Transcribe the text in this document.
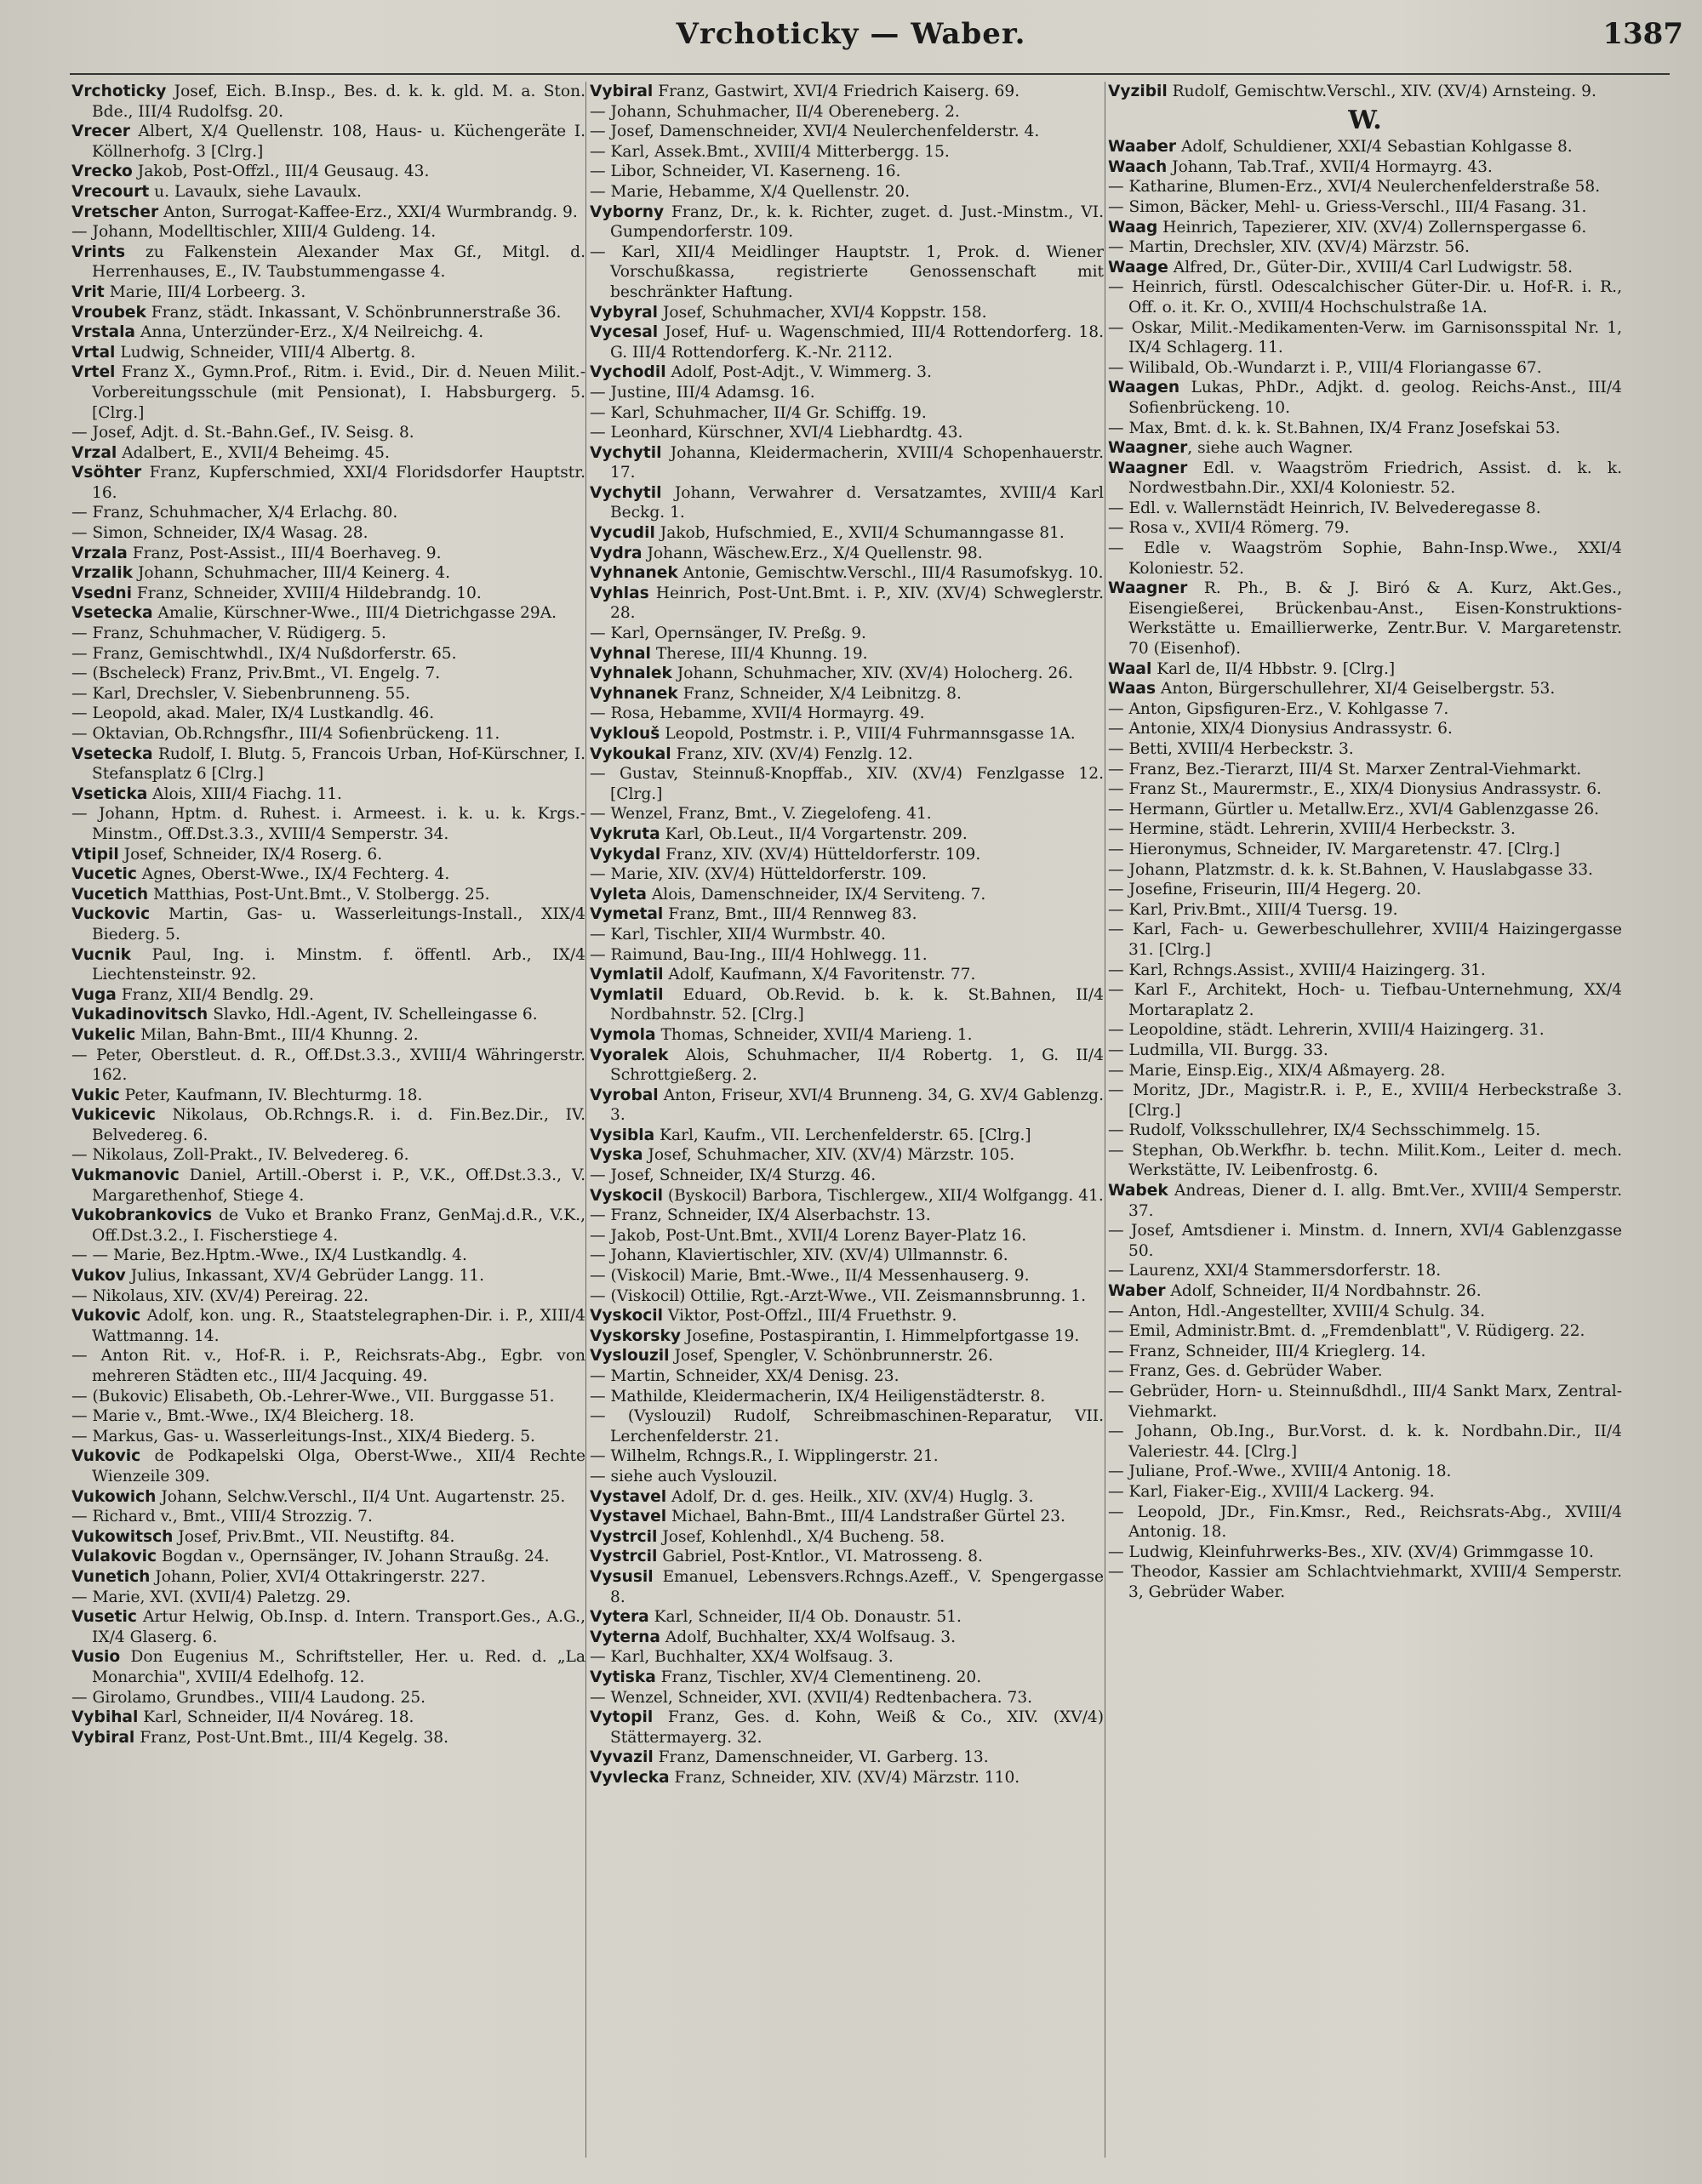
Vrchoticky — Waber.	1387
Vrchoticky Josef, Eich. B.Insp., Bes. d. k. k. gld. M. a. Ston. Bde., III/4 Rudolfsg. 20.
Vrecer Albert, X/4 Quellenstr. 108, Haus- u. Küchengeräte I. Köllnerhofg. 3 [Clrg.]
Vrecko Jakob, Post-Offzl., III/4 Geusaug. 43.
Vrecourt u. Lavaulx, siehe Lavaulx.
Vretscher Anton, Surrogat-Kaffee-Erz., XXI/4 Wurmbrandg. 9.
— Johann, Modelltischler, XIII/4 Guldeng. 14.
Vrints zu Falkenstein Alexander Max Gf., Mitgl. d. Herrenhauses, E., IV. Taubstummengasse 4.
Vrit Marie, III/4 Lorbeerg. 3.
Vroubek Franz, städt. Inkassant, V. Schönbrunnerstraße 36.
Vrstala Anna, Unterzünder-Erz., X/4 Neilreichg. 4.
Vrtal Ludwig, Schneider, VIII/4 Albertg. 8.
Vrtel Franz X., Gymn.Prof., Ritm. i. Evid., Dir. d. Neuen Milit.-Vorbereitungsschule (mit Pensionat), I. Habsburgerg. 5. [Clrg.]
— Josef, Adjt. d. St.-Bahn.Gef., IV. Seisg. 8.
Vrzal Adalbert, E., XVII/4 Beheimg. 45.
Vsöhter Franz, Kupferschmied, XXI/4 Floridsdorfer Hauptstr. 16.
— Franz, Schuhmacher, X/4 Erlachg. 80.
— Simon, Schneider, IX/4 Wasag. 28.
Vrzala Franz, Post-Assist., III/4 Boerhaveg. 9.
Vrzalik Johann, Schuhmacher, III/4 Keinerg. 4.
Vsedni Franz, Schneider, XVIII/4 Hildebrandg. 10.
Vsetecka Amalie, Kürschner-Wwe., III/4 Dietrichgasse 29A.
— Franz, Schuhmacher, V. Rüdigerg. 5.
— Franz, Gemischtwhdl., IX/4 Nußdorferstr. 65.
— (Bscheleck) Franz, Priv.Bmt., VI. Engelg. 7.
— Karl, Drechsler, V. Siebenbrunneng. 55.
— Leopold, akad. Maler, IX/4 Lustkandlg. 46.
— Oktavian, Ob.Rchngsfhr., III/4 Sofienbrückeng. 11.
Vsetecka Rudolf, I. Blutg. 5, Francois Urban, Hof-Kürschner, I. Stefansplatz 6 [Clrg.]
Vseticka Alois, XIII/4 Fiachg. 11.
— Johann, Hptm. d. Ruhest. i. Armeest. i. k. u. k. Krgs.-Minstm., Off.Dst.3.3., XVIII/4 Semperstr. 34.
Vtipil Josef, Schneider, IX/4 Roserg. 6.
Vucetic Agnes, Oberst-Wwe., IX/4 Fechterg. 4.
Vucetich Matthias, Post-Unt.Bmt., V. Stolbergg. 25.
Vuckovic Martin, Gas- u. Wasserleitungs-Install., XIX/4 Biederg. 5.
Vucnik Paul, Ing. i. Minstm. f. öffentl. Arb., IX/4 Liechtensteinstr. 92.
Vuga Franz, XII/4 Bendlg. 29.
Vukadinovitsch Slavko, Hdl.-Agent, IV. Schelleingasse 6.
Vukelic Milan, Bahn-Bmt., III/4 Khunng. 2.
— Peter, Oberstleut. d. R., Off.Dst.3.3., XVIII/4 Währingerstr. 162.
Vukic Peter, Kaufmann, IV. Blechturmg. 18.
Vukicevic Nikolaus, Ob.Rchngs.R. i. d. Fin.Bez.Dir., IV. Belvedereg. 6.
— Nikolaus, Zoll-Prakt., IV. Belvedereg. 6.
Vukmanovic Daniel, Artill.-Oberst i. P., V.K., Off.Dst.3.3., V. Margarethenhof, Stiege 4.
Vukobrankovics de Vuko et Branko Franz, GenMaj.d.R., V.K., Off.Dst.3.2., I. Fischerstiege 4.
— — Marie, Bez.Hptm.-Wwe., IX/4 Lustkandlg. 4.
Vukov Julius, Inkassant, XV/4 Gebrüder Langg. 11.
— Nikolaus, XIV. (XV/4) Pereirag. 22.
Vukovic Adolf, kon. ung. R., Staatstelegraphen-Dir. i. P., XIII/4 Wattmanng. 14.
— Anton Rit. v., Hof-R. i. P., Reichsrats-Abg., Egbr. von mehreren Städten etc., III/4 Jacquing. 49.
— (Bukovic) Elisabeth, Ob.-Lehrer-Wwe., VII. Burggasse 51.
— Marie v., Bmt.-Wwe., IX/4 Bleicherg. 18.
— Markus, Gas- u. Wasserleitungs-Inst., XIX/4 Biederg. 5.
Vukovic de Podkapelski Olga, Oberst-Wwe., XII/4 Rechte Wienzeile 309.
Vukowich Johann, Selchw.Verschl., II/4 Unt. Augartenstr. 25.
— Richard v., Bmt., VIII/4 Strozzig. 7.
Vukowitsch Josef, Priv.Bmt., VII. Neustiftg. 84.
Vulakovic Bogdan v., Opernsänger, IV. Johann Straußg. 24.
Vunetich Johann, Polier, XVI/4 Ottakringerstr. 227.
— Marie, XVI. (XVII/4) Paletzg. 29.
Vusetic Artur Helwig, Ob.Insp. d. Intern. Transport.Ges., A.G., IX/4 Glaserg. 6.
Vusio Don Eugenius M., Schriftsteller, Her. u. Red. d. „La Monarchia", XVIII/4 Edelhofg. 12.
— Girolamo, Grundbes., VIII/4 Laudong. 25.
Vybihal Karl, Schneider, II/4 Nováreg. 18.
Vybiral Franz, Post-Unt.Bmt., III/4 Kegelg. 38.
Vybiral Franz, Gastwirt, XVI/4 Friedrich Kaiserg. 69.
— Johann, Schuhmacher, II/4 Obereneberg. 2.
— Josef, Damenschneider, XVI/4 Neulerchenfelderstr. 4.
— Karl, Assek.Bmt., XVIII/4 Mitterbergg. 15.
— Libor, Schneider, VI. Kaserneng. 16.
— Marie, Hebamme, X/4 Quellenstr. 20.
Vyborny Franz, Dr., k. k. Richter, zuget. d. Just.-Minstm., VI. Gumpendorferstr. 109.
— Karl, XII/4 Meidlinger Hauptstr. 1, Prok. d. Wiener Vorschußkassa, registrierte Genossenschaft mit beschränkter Haftung.
Vybyral Josef, Schuhmacher, XVI/4 Koppstr. 158.
Vycesal Josef, Huf- u. Wagenschmied, III/4 Rottendorferg. 18. G. III/4 Rottendorferg. K.-Nr. 2112.
Vychodil Adolf, Post-Adjt., V. Wimmerg. 3.
— Justine, III/4 Adamsg. 16.
— Karl, Schuhmacher, II/4 Gr. Schiffg. 19.
— Leonhard, Kürschner, XVI/4 Liebhardtg. 43.
Vychytil Johanna, Kleidermacherin, XVIII/4 Schopenhauerstr. 17.
Vychytil Johann, Verwahrer d. Versatzamtes, XVIII/4 Karl Beckg. 1.
Vycudil Jakob, Hufschmied, E., XVII/4 Schumanngasse 81.
Vydra Johann, Wäschew.Erz., X/4 Quellenstr. 98.
Vyhnanek Antonie, Gemischtw.Verschl., III/4 Rasumofskyg. 10.
Vyhlas Heinrich, Post-Unt.Bmt. i. P., XIV. (XV/4) Schweglerstr. 28.
— Karl, Opernsänger, IV. Preßg. 9.
Vyhnal Therese, III/4 Khunng. 19.
Vyhnalek Johann, Schuhmacher, XIV. (XV/4) Holocherg. 26.
Vyhnanek Franz, Schneider, X/4 Leibnitzg. 8.
— Rosa, Hebamme, XVII/4 Hormayrg. 49.
Vyklouš Leopold, Postmstr. i. P., VIII/4 Fuhrmannsgasse 1A.
Vykoukal Franz, XIV. (XV/4) Fenzlg. 12.
— Gustav, Steinnuß-Knopffab., XIV. (XV/4) Fenzlgasse 12. [Clrg.]
— Wenzel, Franz, Bmt., V. Ziegelofeng. 41.
Vykruta Karl, Ob.Leut., II/4 Vorgartenstr. 209.
Vykydal Franz, XIV. (XV/4) Hütteldorferstr. 109.
— Marie, XIV. (XV/4) Hütteldorferstr. 109.
Vyleta Alois, Damenschneider, IX/4 Serviteng. 7.
Vymetal Franz, Bmt., III/4 Rennweg 83.
— Karl, Tischler, XII/4 Wurmbstr. 40.
— Raimund, Bau-Ing., III/4 Hohlwegg. 11.
Vymlatil Adolf, Kaufmann, X/4 Favoritenstr. 77.
Vymlatil Eduard, Ob.Revid. b. k. k. St.Bahnen, II/4 Nordbahnstr. 52. [Clrg.]
Vymola Thomas, Schneider, XVII/4 Marieng. 1.
Vyoralek Alois, Schuhmacher, II/4 Robertg. 1, G. II/4 Schrottgießerg. 2.
Vyrobal Anton, Friseur, XVI/4 Brunneng. 34, G. XV/4 Gablenzg. 3.
Vysibla Karl, Kaufm., VII. Lerchenfelderstr. 65. [Clrg.]
Vyska Josef, Schuhmacher, XIV. (XV/4) Märzstr. 105.
— Josef, Schneider, IX/4 Sturzg. 46.
Vyskocil (Byskocil) Barbora, Tischlergew., XII/4 Wolfgangg. 41.
— Franz, Schneider, IX/4 Alserbachstr. 13.
— Jakob, Post-Unt.Bmt., XVII/4 Lorenz Bayer-Platz 16.
— Johann, Klaviertischler, XIV. (XV/4) Ullmannstr. 6.
— (Viskocil) Marie, Bmt.-Wwe., II/4 Messenhauserg. 9.
— (Viskocil) Ottilie, Rgt.-Arzt-Wwe., VII. Zeismannsbrunng. 1.
Vyskocil Viktor, Post-Offzl., III/4 Fruethstr. 9.
Vyskorsky Josefine, Postaspirantin, I. Himmelpfortgasse 19.
Vyslouzil Josef, Spengler, V. Schönbrunnerstr. 26.
— Martin, Schneider, XX/4 Denisg. 23.
— Mathilde, Kleidermacherin, IX/4 Heiligenstädterstr. 8.
— (Vyslouzil) Rudolf, Schreibmaschinen-Reparatur, VII. Lerchenfelderstr. 21.
— Wilhelm, Rchngs.R., I. Wipplingerstr. 21.
— siehe auch Vyslouzil.
Vystavel Adolf, Dr. d. ges. Heilk., XIV. (XV/4) Huglg. 3.
Vystavel Michael, Bahn-Bmt., III/4 Landstraßer Gürtel 23.
Vystrcil Josef, Kohlenhdl., X/4 Bucheng. 58.
Vystrcil Gabriel, Post-Kntlor., VI. Matrosseng. 8.
Vysusil Emanuel, Lebensvers.Rchngs.Azeff., V. Spengergasse 8.
Vytera Karl, Schneider, II/4 Ob. Donaustr. 51.
Vyterna Adolf, Buchhalter, XX/4 Wolfsaug. 3.
— Karl, Buchhalter, XX/4 Wolfsaug. 3.
Vytiska Franz, Tischler, XV/4 Clementineng. 20.
— Wenzel, Schneider, XVI. (XVII/4) Redtenbachera. 73.
Vytopil Franz, Ges. d. Kohn, Weiß & Co., XIV. (XV/4) Stättermayerg. 32.
Vyvazil Franz, Damenschneider, VI. Garberg. 13.
Vyvlecka Franz, Schneider, XIV. (XV/4) Märzstr. 110.
Vyzibil Rudolf, Gemischtw.Verschl., XIV. (XV/4) Arnsteing. 9.
W.
Waaber Adolf, Schuldiener, XXI/4 Sebastian Kohlgasse 8.
Waach Johann, Tab.Traf., XVII/4 Hormayrg. 43.
— Katharine, Blumen-Erz., XVI/4 Neulerchenfelderstraße 58.
— Simon, Bäcker, Mehl- u. Griess-Verschl., III/4 Fasang. 31.
Waag Heinrich, Tapezierer, XIV. (XV/4) Zollernspergasse 6.
— Martin, Drechsler, XIV. (XV/4) Märzstr. 56.
Waage Alfred, Dr., Güter-Dir., XVIII/4 Carl Ludwigstr. 58.
— Heinrich, fürstl. Odescalchischer Güter-Dir. u. Hof-R. i. R., Off. o. it. Kr. O., XVIII/4 Hochschulstraße 1A.
— Oskar, Milit.-Medikamenten-Verw. im Garnisonsspital Nr. 1, IX/4 Schlagerg. 11.
— Wilibald, Ob.-Wundarzt i. P., VIII/4 Floriangasse 67.
Waagen Lukas, PhDr., Adjkt. d. geolog. Reichs-Anst., III/4 Sofienbrückeng. 10.
— Max, Bmt. d. k. k. St.Bahnen, IX/4 Franz Josefskai 53.
Waagner, siehe auch Wagner.
Waagner Edl. v. Waagström Friedrich, Assist. d. k. k. Nordwestbahn.Dir., XXI/4 Koloniestr. 52.
— Edl. v. Wallernstädt Heinrich, IV. Belvederegasse 8.
— Rosa v., XVII/4 Römerg. 79.
— Edle v. Waagström Sophie, Bahn-Insp.Wwe., XXI/4 Koloniestr. 52.
Waagner R. Ph., B. & J. Biró & A. Kurz, Akt.Ges., Eisengießerei, Brückenbau-Anst., Eisen-Konstruktions-Werkstätte u. Emaillierwerke, Zentr.Bur. V. Margaretenstr. 70 (Eisenhof).
Waal Karl de, II/4 Hbbstr. 9. [Clrg.]
Waas Anton, Bürgerschullehrer, XI/4 Geiselbergstr. 53.
— Anton, Gipsfiguren-Erz., V. Kohlgasse 7.
— Antonie, XIX/4 Dionysius Andrassystr. 6.
— Betti, XVIII/4 Herbeckstr. 3.
— Franz, Bez.-Tierarzt, III/4 St. Marxer Zentral-Viehmarkt.
— Franz St., Maurermstr., E., XIX/4 Dionysius Andrassystr. 6.
— Hermann, Gürtler u. Metallw.Erz., XVI/4 Gablenzgasse 26.
— Hermine, städt. Lehrerin, XVIII/4 Herbeckstr. 3.
— Hieronymus, Schneider, IV. Margaretenstr. 47. [Clrg.]
— Johann, Platzmstr. d. k. k. St.Bahnen, V. Hauslabgasse 33.
— Josefine, Friseurin, III/4 Hegerg. 20.
— Karl, Priv.Bmt., XIII/4 Tuersg. 19.
— Karl, Fach- u. Gewerbeschullehrer, XVIII/4 Haizingergasse 31. [Clrg.]
— Karl, Rchngs.Assist., XVIII/4 Haizingerg. 31.
— Karl F., Architekt, Hoch- u. Tiefbau-Unternehmung, XX/4 Mortaraplatz 2.
— Leopoldine, städt. Lehrerin, XVIII/4 Haizingerg. 31.
— Ludmilla, VII. Burgg. 33.
— Marie, Einsp.Eig., XIX/4 Aßmayerg. 28.
— Moritz, JDr., Magistr.R. i. P., E., XVIII/4 Herbeckstraße 3. [Clrg.]
— Rudolf, Volksschullehrer, IX/4 Sechsschimmelg. 15.
— Stephan, Ob.Werkfhr. b. techn. Milit.Kom., Leiter d. mech. Werkstätte, IV. Leibenfrostg. 6.
Wabek Andreas, Diener d. I. allg. Bmt.Ver., XVIII/4 Semperstr. 37.
— Josef, Amtsdiener i. Minstm. d. Innern, XVI/4 Gablenzgasse 50.
— Laurenz, XXI/4 Stammersdorferstr. 18.
Waber Adolf, Schneider, II/4 Nordbahnstr. 26.
— Anton, Hdl.-Angestellter, XVIII/4 Schulg. 34.
— Emil, Administr.Bmt. d. „Fremdenblatt", V. Rüdigerg. 22.
— Franz, Schneider, III/4 Krieglerg. 14.
— Franz, Ges. d. Gebrüder Waber.
— Gebrüder, Horn- u. Steinnußdhdl., III/4 Sankt Marx, Zentral-Viehmarkt.
— Johann, Ob.Ing., Bur.Vorst. d. k. k. Nordbahn.Dir., II/4 Valeriestr. 44. [Clrg.]
— Juliane, Prof.-Wwe., XVIII/4 Antonig. 18.
— Karl, Fiaker-Eig., XVIII/4 Lackerg. 94.
— Leopold, JDr., Fin.Kmsr., Red., Reichsrats-Abg., XVIII/4 Antonig. 18.
— Ludwig, Kleinfuhrwerks-Bes., XIV. (XV/4) Grimmgasse 10.
— Theodor, Kassier am Schlachtviehmarkt, XVIII/4 Semperstr. 3, Gebrüder Waber.
